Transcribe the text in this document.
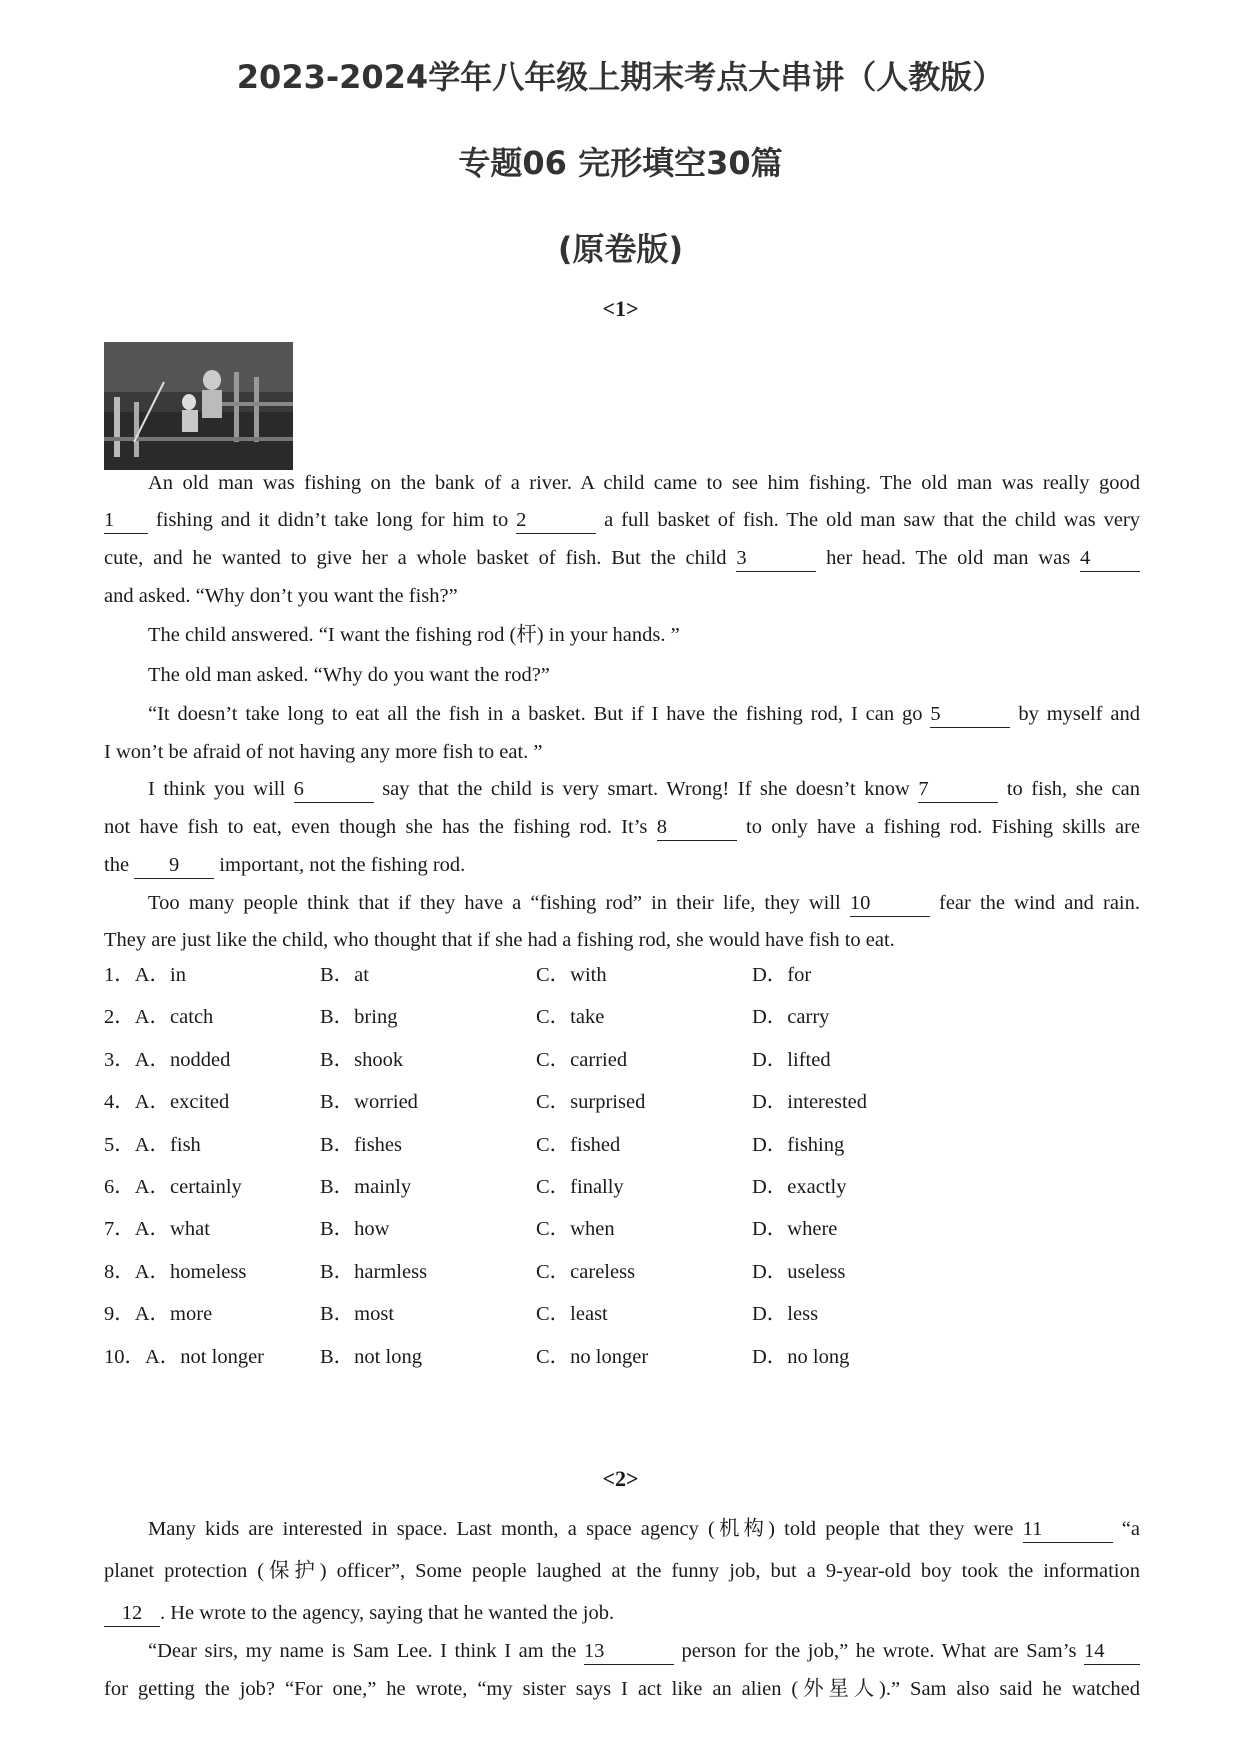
2023-2024学年八年级上期末考点大串讲（人教版）
专题06 完形填空30篇
(原卷版)
<1>
An old man was fishing on the bank of a river. A child came to see him fishing. The old man was really good
1 fishing and it didn’t take long for him to 2	a full basket of fish. The old man saw that the child was very
cute, and he wanted to give her a whole basket of fish. But the child 3	her head. The old man was 4
and asked. “Why don’t you want the fish?”
The child answered. “I want the fishing rod (杆) in your hands. ”
The old man asked. “Why do you want the rod?”
“It doesn’t take long to eat all the fish in a basket. But if I have the fishing rod, I can go 5	by myself and
I won’t be afraid of not having any more fish to eat. ”
I think you will 6	say that the child is very smart. Wrong! If she doesn’t know 7	to fish, she can
not have fish to eat, even though she has the fishing rod. It’s 8	to only have a fishing rod. Fishing skills are
the 9 important, not the fishing rod.
Too many people think that if they have a “fishing rod” in their life, they will 10	fear the wind and rain.
They are just like the child, who thought that if she had a fishing rod, she would have fish to eat.
1．A．in	B．at	C．with	D．for
2．A．catch	B．bring	C．take	D．carry
3．A．nodded	B．shook	C．carried	D．lifted
4．A．excited	B．worried	C．surprised	D．interested
5．A．fish	B．fishes	C．fished	D．fishing
6．A．certainly	B．mainly	C．finally	D．exactly
7．A．what	B．how	C．when	D．where
8．A．homeless	B．harmless	C．careless	D．useless
9．A．more	B．most	C．least	D．less
10．A．not longer	B．not long	C．no longer	D．no long
<2>
Many kids are interested in space. Last month, a space agency (机构) told people that they were 11	“a
planet protection (保护) officer”, Some people laughed at the funny job, but a 9-year-old boy took the information
12 . He wrote to the agency, saying that he wanted the job.
“Dear sirs, my name is Sam Lee. I think I am the 13	person for the job,” he wrote. What are Sam’s 14
for getting the job? “For one,” he wrote, “my sister says I act like an alien (外星人).” Sam also said he watched
